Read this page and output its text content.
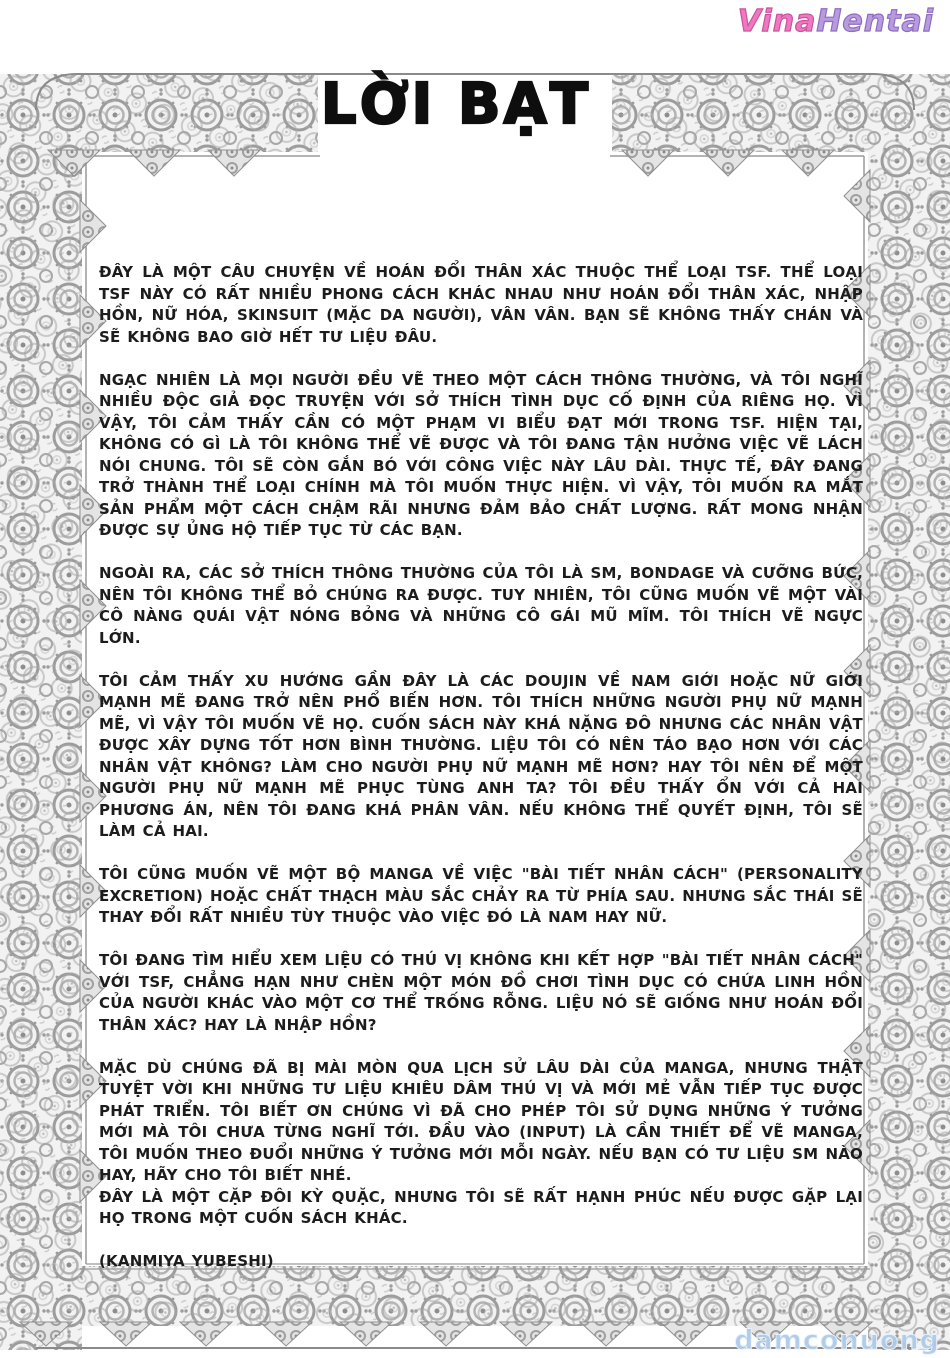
VinaHentai
LỜI BẠT

ĐÂY LÀ MỘT CÂU CHUYỆN VỀ HOÁN ĐỔI THÂN XÁC THUỘC THỂ LOẠI TSF. THỂ LOẠI TSF NÀY CÓ RẤT NHIỀU PHONG CÁCH KHÁC NHAU NHƯ HOÁN ĐỔI THÂN XÁC, NHẬP HỒN, NỮ HÓA, SKINSUIT (MẶC DA NGƯỜI), VÂN VÂN. BẠN SẼ KHÔNG THẤY CHÁN VÀ SẼ KHÔNG BAO GIỜ HẾT TƯ LIỆU ĐÂU.

NGẠC NHIÊN LÀ MỌI NGƯỜI ĐỀU VẼ THEO MỘT CÁCH THÔNG THƯỜNG, VÀ TÔI NGHĨ NHIỀU ĐỘC GIẢ ĐỌC TRUYỆN VỚI SỞ THÍCH TÌNH DỤC CỐ ĐỊNH CỦA RIÊNG HỌ. VÌ VẬY, TÔI CẢM THẤY CẦN CÓ MỘT PHẠM VI BIỂU ĐẠT MỚI TRONG TSF. HIỆN TẠI, KHÔNG CÓ GÌ LÀ TÔI KHÔNG THỂ VẼ ĐƯỢC VÀ TÔI ĐANG TẬN HƯỞNG VIỆC VẼ LÁCH NÓI CHUNG. TÔI SẼ CÒN GẮN BÓ VỚI CÔNG VIỆC NÀY LÂU DÀI. THỰC TẾ, ĐÂY ĐANG TRỞ THÀNH THỂ LOẠI CHÍNH MÀ TÔI MUỐN THỰC HIỆN. VÌ VẬY, TÔI MUỐN RA MẮT SẢN PHẨM MỘT CÁCH CHẬM RÃI NHƯNG ĐẢM BẢO CHẤT LƯỢNG. RẤT MONG NHẬN ĐƯỢC SỰ ỦNG HỘ TIẾP TỤC TỪ CÁC BẠN.

NGOÀI RA, CÁC SỞ THÍCH THÔNG THƯỜNG CỦA TÔI LÀ SM, BONDAGE VÀ CƯỠNG BỨC, NÊN TÔI KHÔNG THỂ BỎ CHÚNG RA ĐƯỢC. TUY NHIÊN, TÔI CŨNG MUỐN VẼ MỘT VÀI CÔ NÀNG QUÁI VẬT NÓNG BỎNG VÀ NHỮNG CÔ GÁI MŨ MĨM. TÔI THÍCH VẼ NGỰC LỚN.

TÔI CẢM THẤY XU HƯỚNG GẦN ĐÂY LÀ CÁC DOUJIN VỀ NAM GIỚI HOẶC NỮ GIỚI MẠNH MẼ ĐANG TRỞ NÊN PHỔ BIẾN HƠN. TÔI THÍCH NHỮNG NGƯỜI PHỤ NỮ MẠNH MẼ, VÌ VẬY TÔI MUỐN VẼ HỌ. CUỐN SÁCH NÀY KHÁ NẶNG ĐÔ NHƯNG CÁC NHÂN VẬT ĐƯỢC XÂY DỰNG TỐT HƠN BÌNH THƯỜNG. LIỆU TÔI CÓ NÊN TÁO BẠO HƠN VỚI CÁC NHÂN VẬT KHÔNG? LÀM CHO NGƯỜI PHỤ NỮ MẠNH MẼ HƠN? HAY TÔI NÊN ĐỂ MỘT NGƯỜI PHỤ NỮ MẠNH MẼ PHỤC TÙNG ANH TA? TÔI ĐỀU THẤY ỔN VỚI CẢ HAI PHƯƠNG ÁN, NÊN TÔI ĐANG KHÁ PHÂN VÂN. NẾU KHÔNG THỂ QUYẾT ĐỊNH, TÔI SẼ LÀM CẢ HAI.

TÔI CŨNG MUỐN VẼ MỘT BỘ MANGA VỀ VIỆC "BÀI TIẾT NHÂN CÁCH" (PERSONALITY EXCRETION) HOẶC CHẤT THẠCH MÀU SẮC CHẢY RA TỪ PHÍA SAU. NHƯNG SẮC THÁI SẼ THAY ĐỔI RẤT NHIỀU TÙY THUỘC VÀO VIỆC ĐÓ LÀ NAM HAY NỮ.

TÔI ĐANG TÌM HIỂU XEM LIỆU CÓ THÚ VỊ KHÔNG KHI KẾT HỢP "BÀI TIẾT NHÂN CÁCH" VỚI TSF, CHẲNG HẠN NHƯ CHÈN MỘT MÓN ĐỒ CHƠI TÌNH DỤC CÓ CHỨA LINH HỒN CỦA NGƯỜI KHÁC VÀO MỘT CƠ THỂ TRỐNG RỖNG. LIỆU NÓ SẼ GIỐNG NHƯ HOÁN ĐỔI THÂN XÁC? HAY LÀ NHẬP HỒN?

MẶC DÙ CHÚNG ĐÃ BỊ MÀI MÒN QUA LỊCH SỬ LÂU DÀI CỦA MANGA, NHƯNG THẬT TUYỆT VỜI KHI NHỮNG TƯ LIỆU KHIÊU DÂM THÚ VỊ VÀ MỚI MẺ VẪN TIẾP TỤC ĐƯỢC PHÁT TRIỂN. TÔI BIẾT ƠN CHÚNG VÌ ĐÃ CHO PHÉP TÔI SỬ DỤNG NHỮNG Ý TƯỞNG MỚI MÀ TÔI CHƯA TỪNG NGHĨ TỚI. ĐẦU VÀO (INPUT) LÀ CẦN THIẾT ĐỂ VẼ MANGA, TÔI MUỐN THEO ĐUỔI NHỮNG Ý TƯỞNG MỚI MỖI NGÀY. NẾU BẠN CÓ TƯ LIỆU SM NÀO HAY, HÃY CHO TÔI BIẾT NHÉ.

ĐÂY LÀ MỘT CẶP ĐÔI KỲ QUẶC, NHƯNG TÔI SẼ RẤT HẠNH PHÚC NẾU ĐƯỢC GẶP LẠI HỌ TRONG MỘT CUỐN SÁCH KHÁC.

(KANMIYA YUBESHI)

damconuong
